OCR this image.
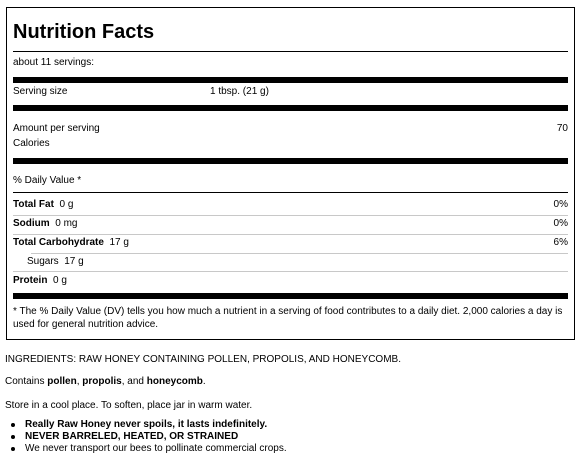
Nutrition Facts
about 11 servings:
Serving size	1 tbsp. (21 g)
Amount per serving	70
Calories
% Daily Value *
Total Fat 0 g	0%
Sodium 0 mg	0%
Total Carbohydrate 17 g	6%
Sugars 17 g
Protein 0 g
* The % Daily Value (DV) tells you how much a nutrient in a serving of food contributes to a daily diet. 2,000 calories a day is used for general nutrition advice.
INGREDIENTS: RAW HONEY CONTAINING POLLEN, PROPOLIS, AND HONEYCOMB.
Contains pollen, propolis, and honeycomb.
Store in a cool place. To soften, place jar in warm water.
Really Raw Honey never spoils, it lasts indefinitely.
NEVER BARRELED, HEATED, OR STRAINED
We never transport our bees to pollinate commercial crops.
